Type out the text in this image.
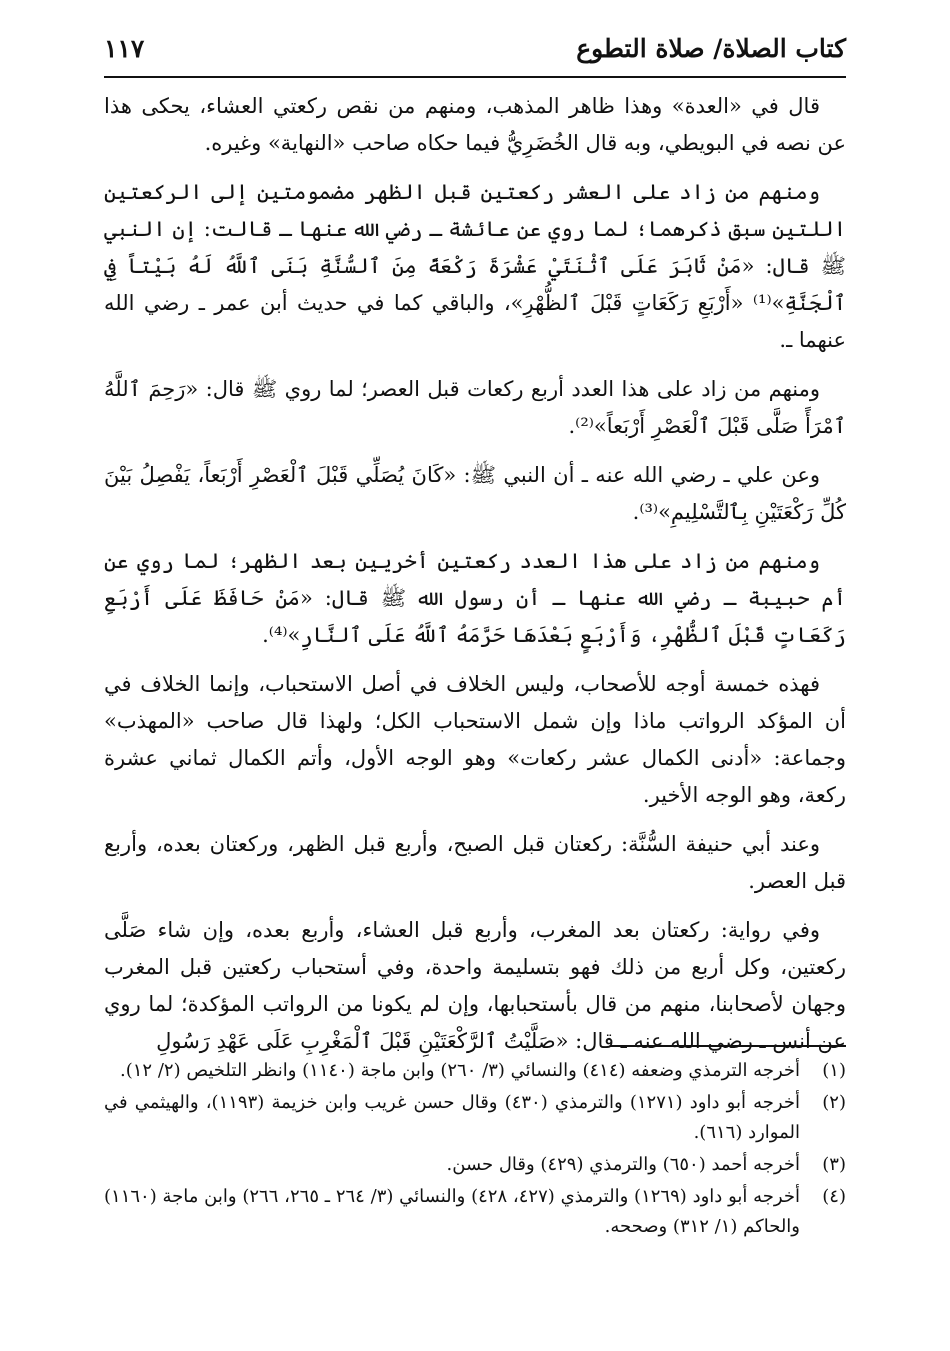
كتاب الصلاة/ صلاة التطوع
١١٧

قال في «العدة» وهذا ظاهر المذهب، ومنهم من نقص ركعتي العشاء، يحكى هذا عن نصه في البويطي، وبه قال الخُضَرِيُّ فيما حكاه صاحب «النهاية» وغيره.

ومنهم من زاد على العشر ركعتين قبل الظهر مضمومتين إلى الركعتين اللتين سبق ذكرهما؛ لما روي عن عائشة ـ رضي الله عنها ـ قالت: إن النبي ﷺ قال: «مَنْ ثَابَرَ عَلَى ٱثْنَتَيْ عَشْرَةَ رَكْعَةً مِنَ ٱلسُّنَّةِ بَنَى ٱللَّهُ لَهُ بَيْتاً فِي ٱلْجَنَّةِ»⁽¹⁾ «أَرْبَعِ رَكَعَاتٍ قَبْلَ ٱلظُّهْرِ»، والباقي كما في حديث أبن عمر ـ رضي الله عنهما ـ.

ومنهم من زاد على هذا العدد أربع ركعات قبل العصر؛ لما روي ﷺ قال: «رَحِمَ ٱللَّهُ ٱمْرَأً صَلَّى قَبْلَ ٱلْعَصْرِ أَرْبَعاً»⁽²⁾.

وعن علي ـ رضي الله عنه ـ أن النبي ﷺ: «كَانَ يُصَلِّي قَبْلَ ٱلْعَصْرِ أَرْبَعاً، يَفْصِلُ بَيْنَ كُلِّ رَكْعَتَيْنِ بِٱلتَّسْلِيمِ»⁽³⁾.

ومنهم من زاد على هذا العدد ركعتين أخريين بعد الظهر؛ لما روي عن أم حبيبة ـ رضي الله عنها ـ أن رسول الله ﷺ قال: «مَنْ حَافَظَ عَلَى أَرْبَعِ رَكَعَاتٍ قَبْلَ ٱلظُّهْرِ، وَأَرْبَعٍ بَعْدَهَا حَرَّمَهُ ٱللَّهُ عَلَى ٱلنَّارِ»⁽⁴⁾.

فهذه خمسة أوجه للأصحاب، وليس الخلاف في أصل الاستحباب، وإنما الخلاف في أن المؤكد الرواتب ماذا وإن شمل الاستحباب الكل؛ ولهذا قال صاحب «المهذب» وجماعة: «أدنى الكمال عشر ركعات» وهو الوجه الأول، وأتم الكمال ثماني عشرة ركعة، وهو الوجه الأخير.

وعند أبي حنيفة السُّنَّة: ركعتان قبل الصبح، وأربع قبل الظهر، وركعتان بعده، وأربع قبل العصر.

وفي رواية: ركعتان بعد المغرب، وأربع قبل العشاء، وأربع بعده، وإن شاء صَلَّى ركعتين، وكل أربع من ذلك فهو بتسليمة واحدة، وفي أستحباب ركعتين قبل المغرب وجهان لأصحابنا، منهم من قال بأستحبابها، وإن لم يكونا من الرواتب المؤكدة؛ لما روي عن أنس ـ رضي الله عنه ـ قال: «صَلَّيْتُ ٱلرَّكْعَتَيْنِ قَبْلَ ٱلْمَغْرِبِ عَلَى عَهْدِ رَسُولِ

(١)
أخرجه الترمذي وضعفه (٤١٤) والنسائي (٣/ ٢٦٠) وابن ماجة (١١٤٠) وانظر التلخيص (٢/ ١٢).
(٢)
أخرجه أبو داود (١٢٧١) والترمذي (٤٣٠) وقال حسن غريب وابن خزيمة (١١٩٣)، والهيثمي في الموارد (٦١٦).
(٣)
أخرجه أحمد (٦٥٠) والترمذي (٤٢٩) وقال حسن.
(٤)
أخرجه أبو داود (١٢٦٩) والترمذي (٤٢٧، ٤٢٨) والنسائي (٣/ ٢٦٤ ـ ٢٦٥، ٢٦٦) وابن ماجة (١١٦٠) والحاكم (١/ ٣١٢) وصححه.
